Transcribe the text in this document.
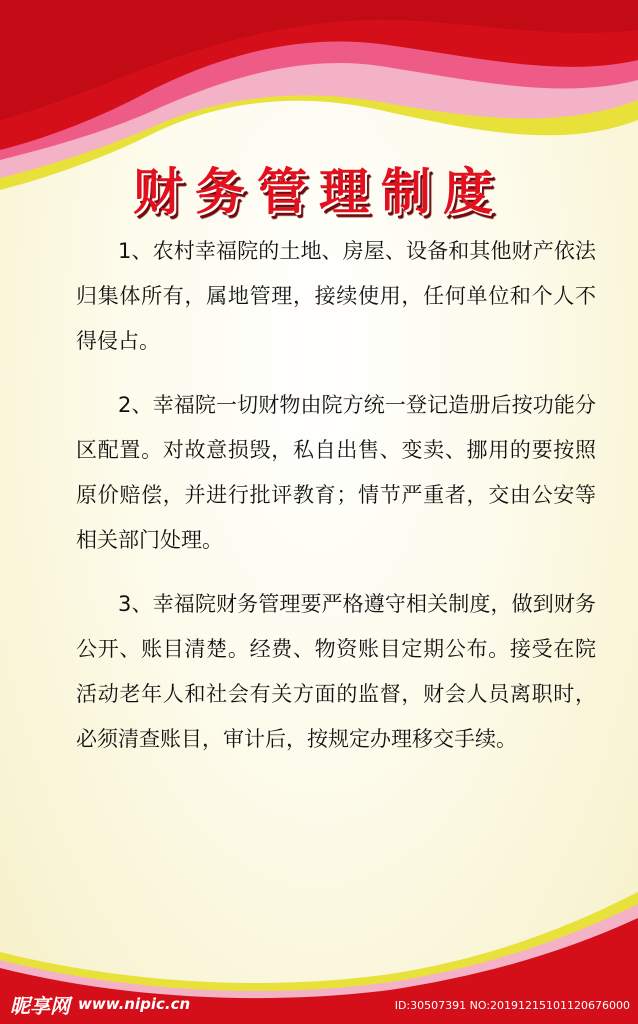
财务管理制度

1、农村幸福院的土地、房屋、设备和其他财产依法归集体所有，属地管理，接续使用，任何单位和个人不得侵占。

2、幸福院一切财物由院方统一登记造册后按功能分区配置。对故意损毁，私自出售、变卖、挪用的要按照原价赔偿，并进行批评教育；情节严重者，交由公安等相关部门处理。

3、幸福院财务管理要严格遵守相关制度，做到财务公开、账目清楚。经费、物资账目定期公布。接受在院活动老年人和社会有关方面的监督，财会人员离职时，必须清查账目，审计后，按规定办理移交手续。

昵享网 www.nipic.cn	ID:30507391 NO:20191215101120676000
